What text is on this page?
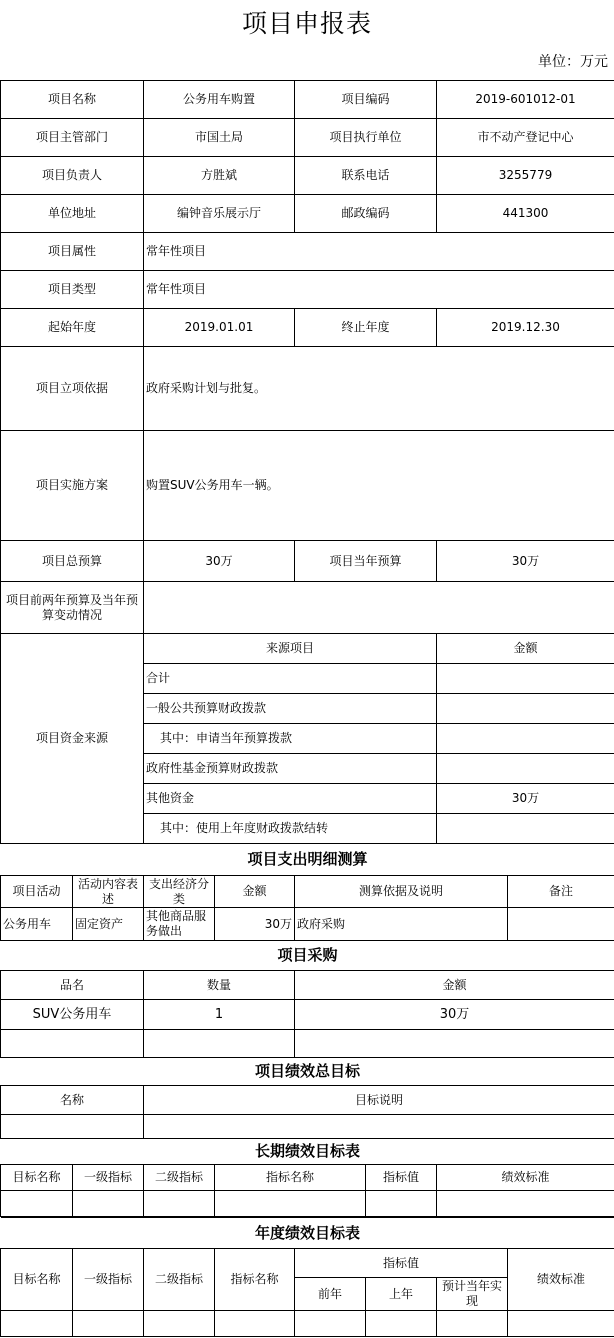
项目申报表
单位：万元
项目名称	公务用车购置	项目编码	2019-601012-01
项目主管部门	市国土局	项目执行单位	市不动产登记中心
项目负责人	方胜斌	联系电话	3255779
单位地址	编钟音乐展示厅	邮政编码	441300
项目属性	常年性项目		
项目类型	常年性项目		
起始年度	2019.01.01	终止年度	2019.12.30
项目立项依据	政府采购计划与批复。		
项目实施方案	购置SUV公务用车一辆。		
项目总预算	30万	项目当年预算	30万
项目前两年预算及当年预算变动情况			
项目资金来源	来源项目		金额
	合计		
	一般公共预算财政拨款		
	其中：申请当年预算拨款		
	政府性基金预算财政拨款		
	其他资金		30万
	其中：使用上年度财政拨款结转		
项目支出明细测算					
项目活动	活动内容表述	支出经济分类	金额	测算依据及说明	备注
公务用车	固定资产	其他商品服务做出	30万	政府采购	
项目采购		
品名	数量	金额
SUV公务用车	1	30万

项目绩效总目标	
名称	目标说明

长期绩效目标表					
目标名称	一级指标	二级指标	指标名称	指标值	绩效标准

年度绩效目标表							
目标名称	一级指标	二级指标	指标名称	指标值			绩效标准
				前年	上年	预计当年实现	
